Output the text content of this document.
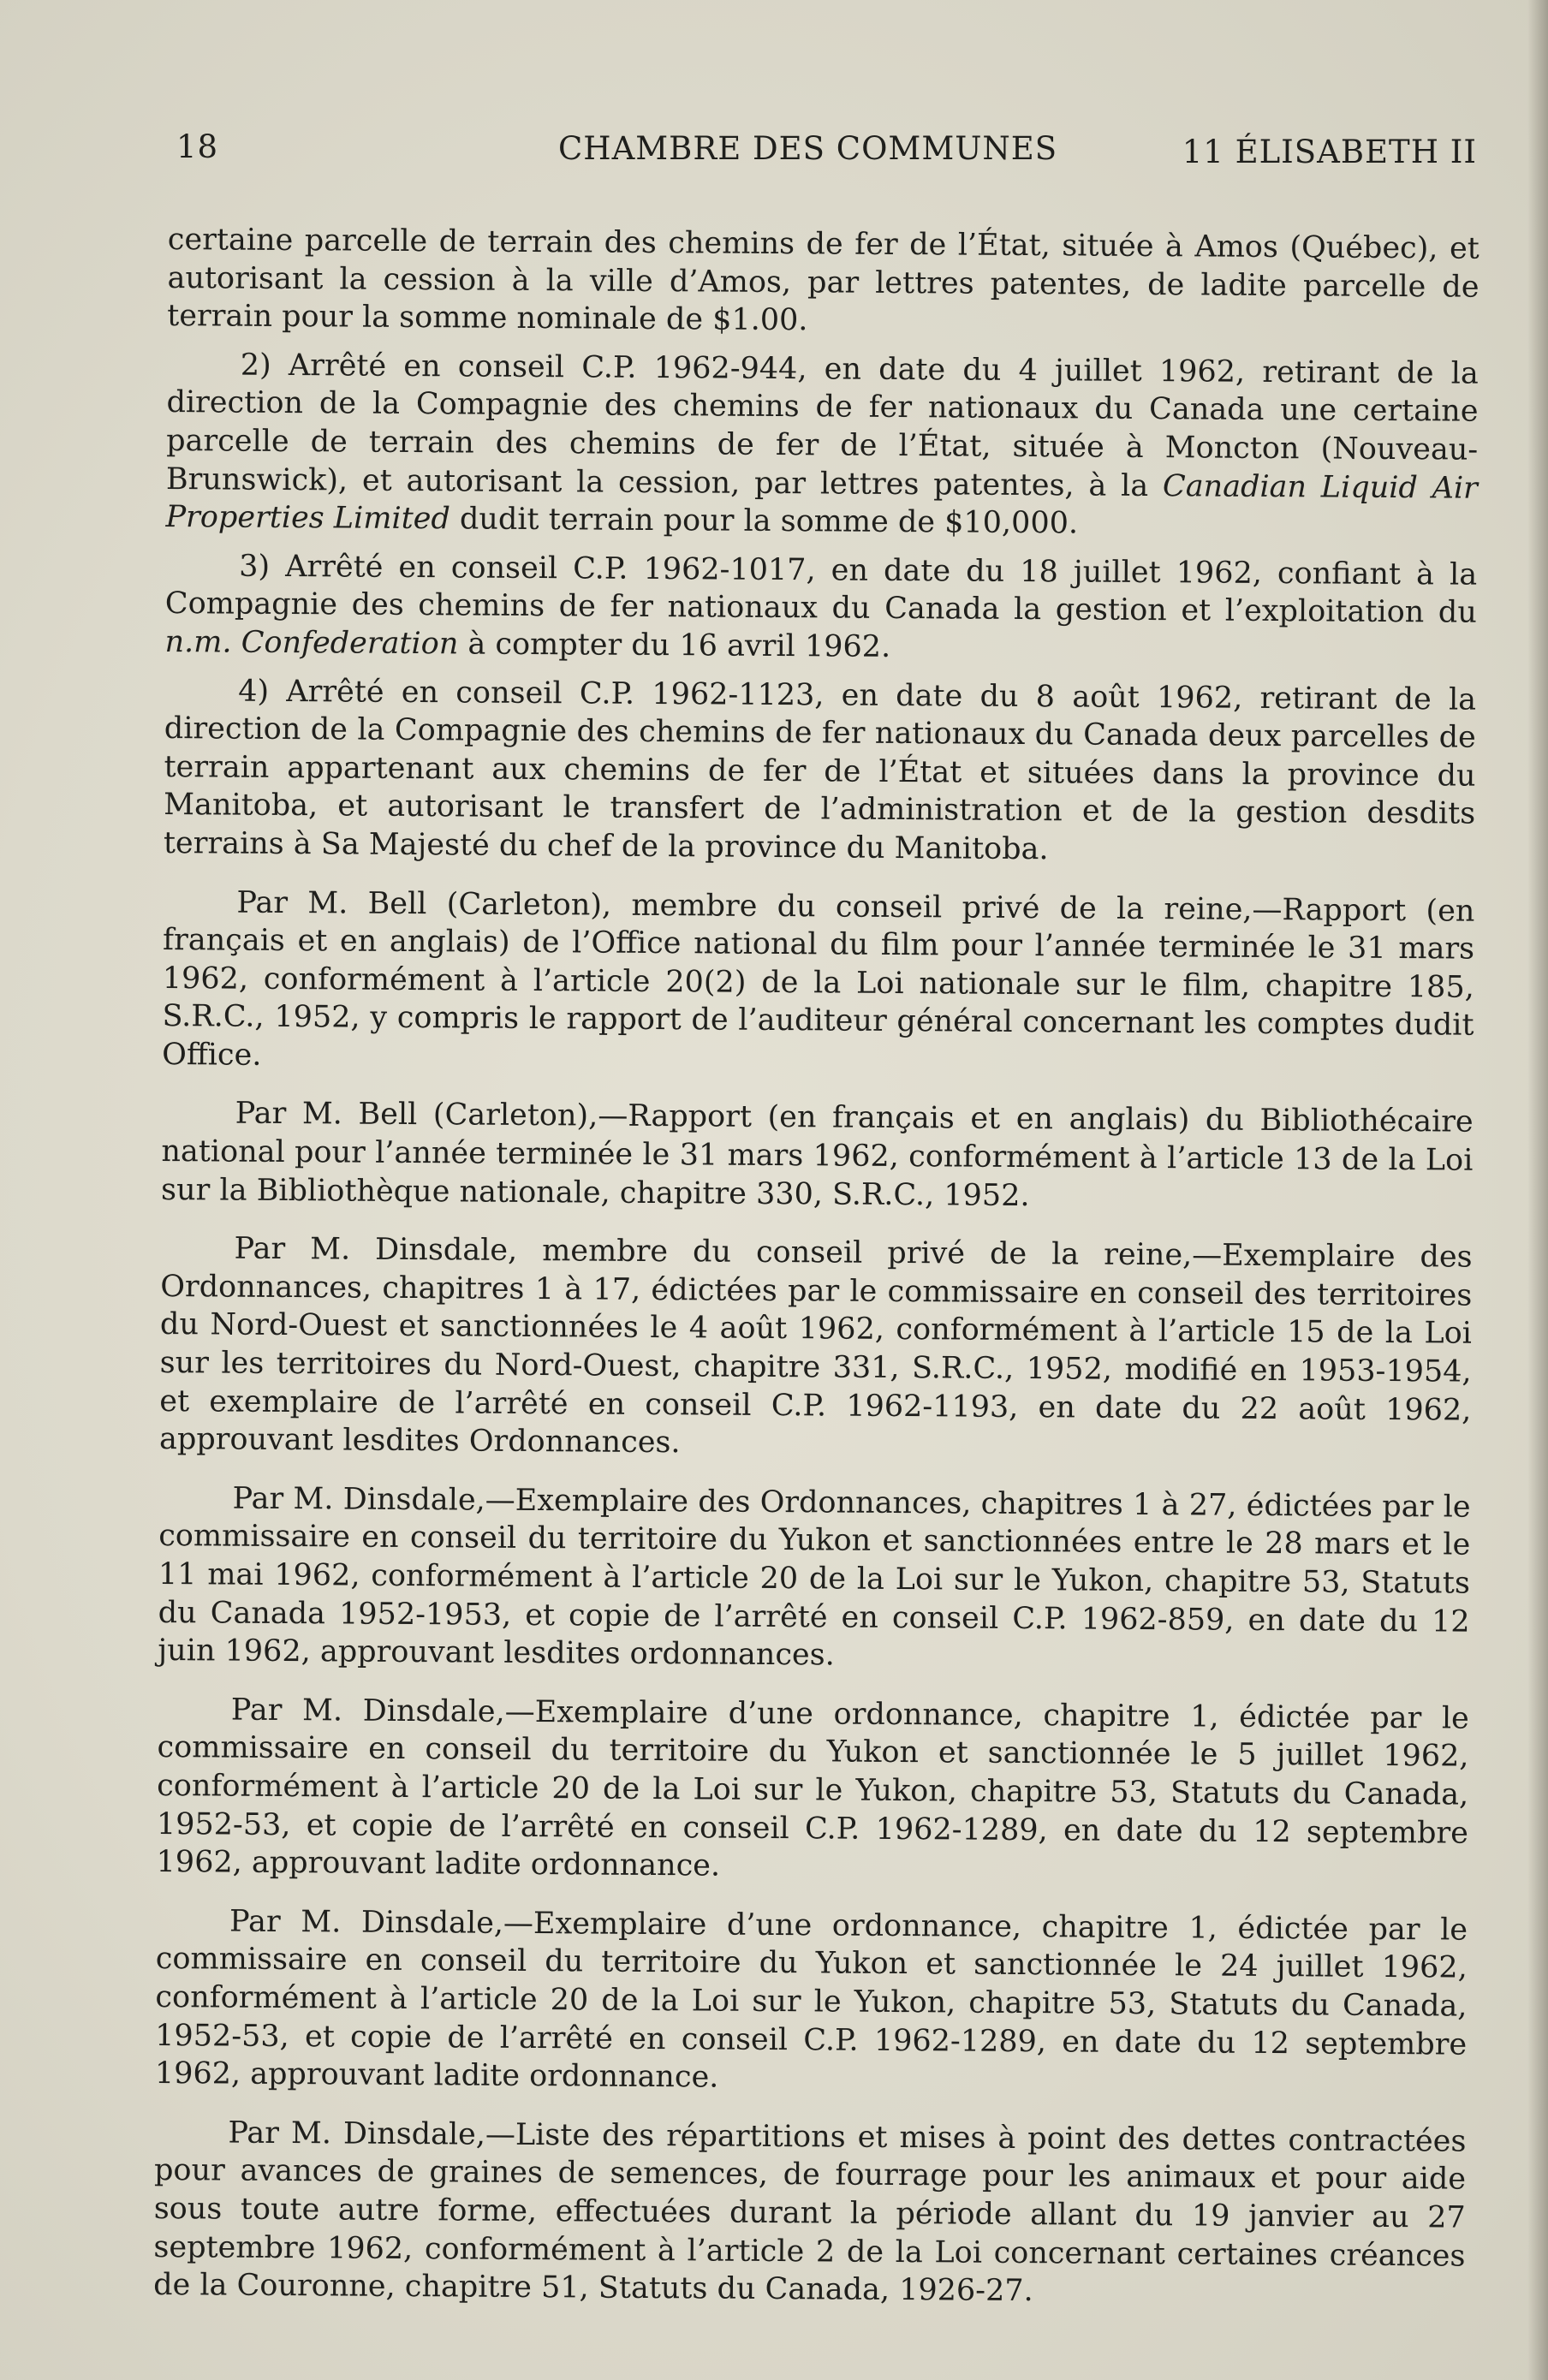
18	CHAMBRE DES COMMUNES	11 ÉLISABETH II

certaine parcelle de terrain des chemins de fer de l’État, située à Amos (Québec), et autorisant la cession à la ville d’Amos, par lettres patentes, de ladite parcelle de terrain pour la somme nominale de $1.00.

2) Arrêté en conseil C.P. 1962-944, en date du 4 juillet 1962, retirant de la direction de la Compagnie des chemins de fer nationaux du Canada une certaine parcelle de terrain des chemins de fer de l’État, située à Moncton (Nouveau-Brunswick), et autorisant la cession, par lettres patentes, à la Canadian Liquid Air Properties Limited dudit terrain pour la somme de $10,000.

3) Arrêté en conseil C.P. 1962-1017, en date du 18 juillet 1962, confiant à la Compagnie des chemins de fer nationaux du Canada la gestion et l’exploitation du n.m. Confederation à compter du 16 avril 1962.

4) Arrêté en conseil C.P. 1962-1123, en date du 8 août 1962, retirant de la direction de la Compagnie des chemins de fer nationaux du Canada deux parcelles de terrain appartenant aux chemins de fer de l’État et situées dans la province du Manitoba, et autorisant le transfert de l’administration et de la gestion desdits terrains à Sa Majesté du chef de la province du Manitoba.

Par M. Bell (Carleton), membre du conseil privé de la reine,—Rapport (en français et en anglais) de l’Office national du film pour l’année terminée le 31 mars 1962, conformément à l’article 20(2) de la Loi nationale sur le film, chapitre 185, S.R.C., 1952, y compris le rapport de l’auditeur général concernant les comptes dudit Office.

Par M. Bell (Carleton),—Rapport (en français et en anglais) du Bibliothécaire national pour l’année terminée le 31 mars 1962, conformément à l’article 13 de la Loi sur la Bibliothèque nationale, chapitre 330, S.R.C., 1952.

Par M. Dinsdale, membre du conseil privé de la reine,—Exemplaire des Ordonnances, chapitres 1 à 17, édictées par le commissaire en conseil des territoires du Nord-Ouest et sanctionnées le 4 août 1962, conformément à l’article 15 de la Loi sur les territoires du Nord-Ouest, chapitre 331, S.R.C., 1952, modifié en 1953-1954, et exemplaire de l’arrêté en conseil C.P. 1962-1193, en date du 22 août 1962, approuvant lesdites Ordonnances.

Par M. Dinsdale,—Exemplaire des Ordonnances, chapitres 1 à 27, édictées par le commissaire en conseil du territoire du Yukon et sanctionnées entre le 28 mars et le 11 mai 1962, conformément à l’article 20 de la Loi sur le Yukon, chapitre 53, Statuts du Canada 1952-1953, et copie de l’arrêté en conseil C.P. 1962-859, en date du 12 juin 1962, approuvant lesdites ordonnances.

Par M. Dinsdale,—Exemplaire d’une ordonnance, chapitre 1, édictée par le commissaire en conseil du territoire du Yukon et sanctionnée le 5 juillet 1962, conformément à l’article 20 de la Loi sur le Yukon, chapitre 53, Statuts du Canada, 1952-53, et copie de l’arrêté en conseil C.P. 1962-1289, en date du 12 septembre 1962, approuvant ladite ordonnance.

Par M. Dinsdale,—Exemplaire d’une ordonnance, chapitre 1, édictée par le commissaire en conseil du territoire du Yukon et sanctionnée le 24 juillet 1962, conformément à l’article 20 de la Loi sur le Yukon, chapitre 53, Statuts du Canada, 1952-53, et copie de l’arrêté en conseil C.P. 1962-1289, en date du 12 septembre 1962, approuvant ladite ordonnance.

Par M. Dinsdale,—Liste des répartitions et mises à point des dettes contractées pour avances de graines de semences, de fourrage pour les animaux et pour aide sous toute autre forme, effectuées durant la période allant du 19 janvier au 27 septembre 1962, conformément à l’article 2 de la Loi concernant certaines créances de la Couronne, chapitre 51, Statuts du Canada, 1926-27.
